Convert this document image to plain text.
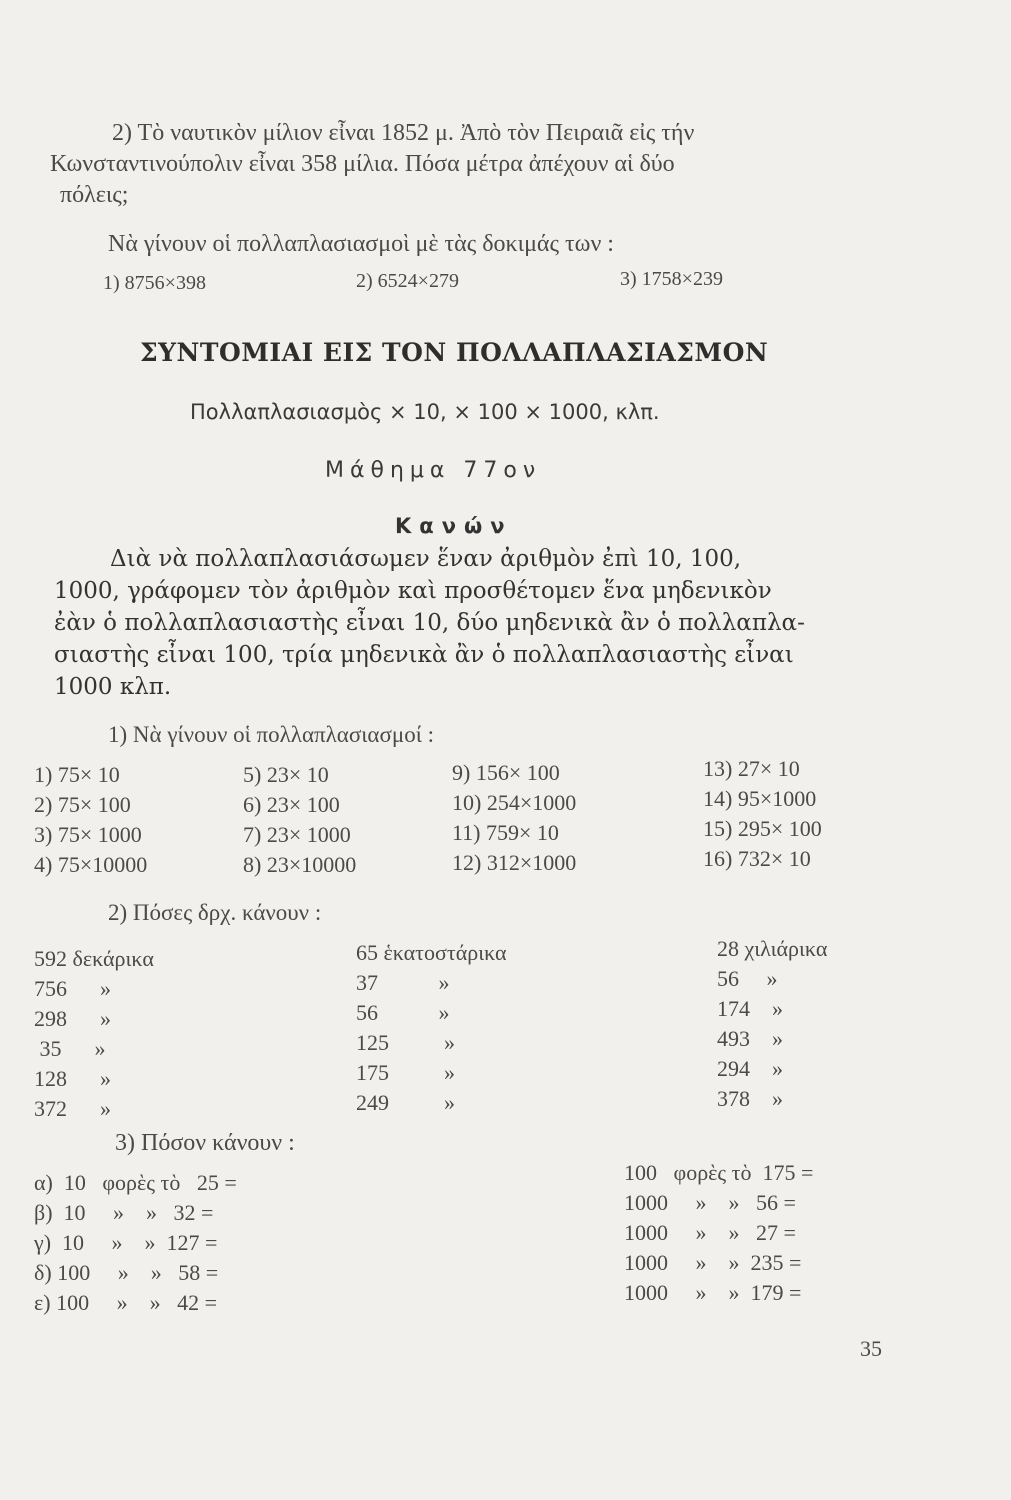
2) Τὸ ναυτικὸν μίλιον εἶναι 1852 μ. Ἀπὸ τὸν Πειραιᾶ εἰς τήν
Κωνσταντινούπολιν εἶναι 358 μίλια. Πόσα μέτρα ἀπέχουν αἱ δύο
πόλεις;
Νὰ γίνουν οἱ πολλαπλασιασμοὶ μὲ τὰς δοκιμάς των :
1) 8756×398	2) 6524×279	3) 1758×239
ΣΥΝΤΟΜΙΑΙ ΕΙΣ ΤΟΝ ΠΟΛΛΑΠΛΑΣΙΑΣΜΟΝ
Πολλαπλασιασμὸς × 10, × 100 × 1000, κλπ.
Μάθημα 77ον
Κανών
Διὰ νὰ πολλαπλασιάσωμεν ἕναν ἀριθμὸν ἐπὶ 10, 100,
1000, γράφομεν τὸν ἀριθμὸν καὶ προσθέτομεν ἕνα μηδενικὸν
ἐὰν ὁ πολλαπλασιαστὴς εἶναι 10, δύο μηδενικὰ ἂν ὁ πολλαπλα-
σιαστὴς εἶναι 100, τρία μηδενικὰ ἂν ὁ πολλαπλασιαστὴς εἶναι
1000 κλπ.
1) Νὰ γίνουν οἱ πολλαπλασιασμοί :
1) 75× 10
2) 75× 100
3) 75× 1000
4) 75×10000
5) 23× 10
6) 23× 100
7) 23× 1000
8) 23×10000
9) 156× 100
10) 254×1000
11) 759× 10
12) 312×1000
13) 27× 10
14) 95×1000
15) 295× 100
16) 732× 10
2) Πόσες δρχ. κάνουν :
592 δεκάρικα
756      »
298      »
35      »
128      »
372      »
65 ἑκατοστάρικα
37           »
56           »
125          »
175          »
249          »
28 χιλιάρικα
56     »
174    »
493    »
294    »
378    »
3) Πόσον κάνουν :
α)  10   φορὲς τὸ   25 =
β)  10     »    »   32 =
γ)  10     »    »  127 =
δ) 100     »    »   58 =
ε) 100     »    »   42 =
100   φορὲς τὸ  175 =
1000     »    »   56 =
1000     »    »   27 =
1000     »    »  235 =
1000     »    »  179 =
35
